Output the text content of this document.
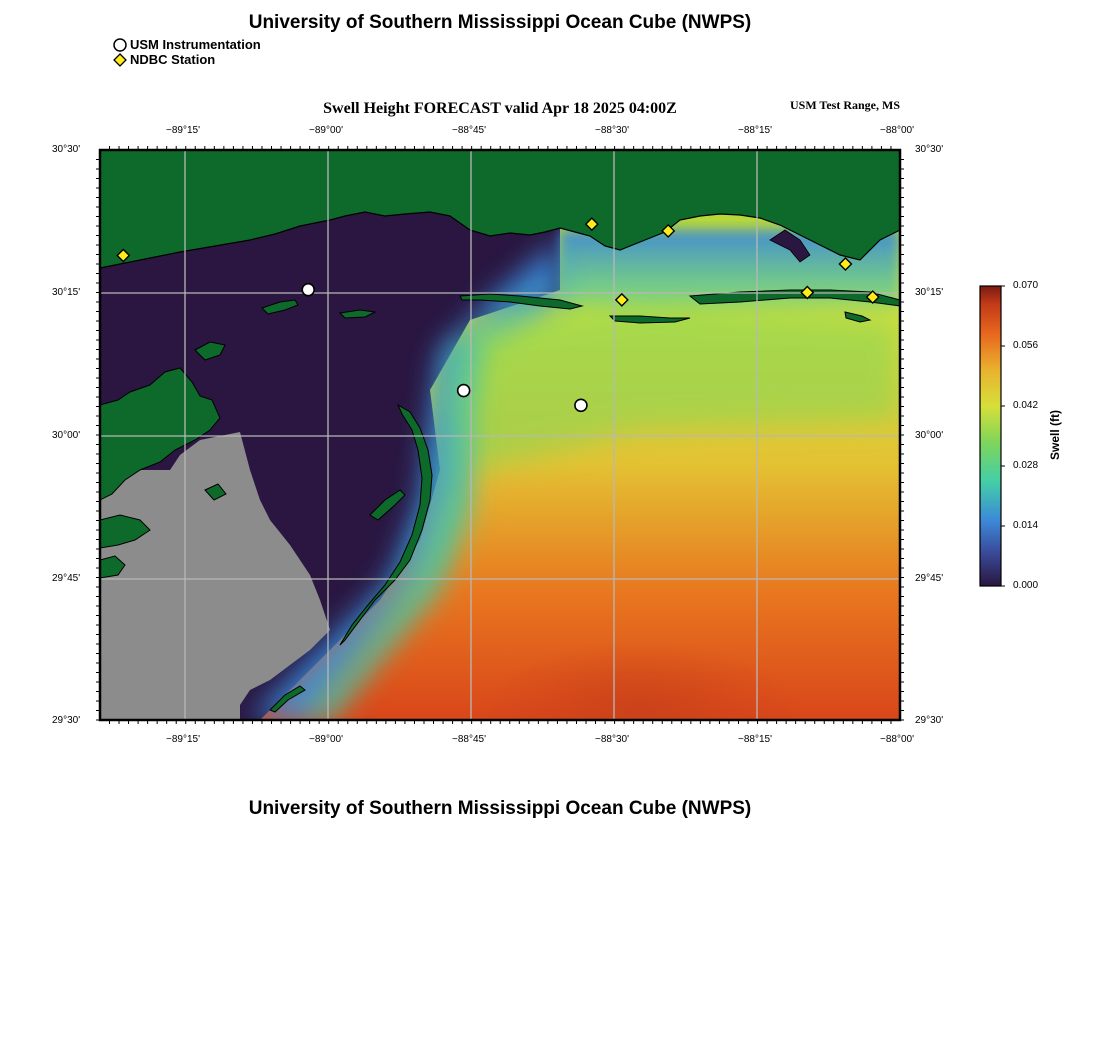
University of Southern Mississippi Ocean Cube (NWPS)
USM Instrumentation
NDBC Station
Swell Height FORECAST valid Apr 18 2025 04:00Z	USM Test Range, MS
−89°15'	−89°00'	−88°45'	−88°30'	−88°15'	−88°00'
−89°15'	−89°00'	−88°45'	−88°30'	−88°15'	−88°00'
30°30'
30°15'
30°00'
29°45'
29°30'
30°30'
30°15'
30°00'
29°45'
29°30'
0.070
0.056
0.042
0.028
0.014
0.000
Swell (ft)
University of Southern Mississippi Ocean Cube (NWPS)
